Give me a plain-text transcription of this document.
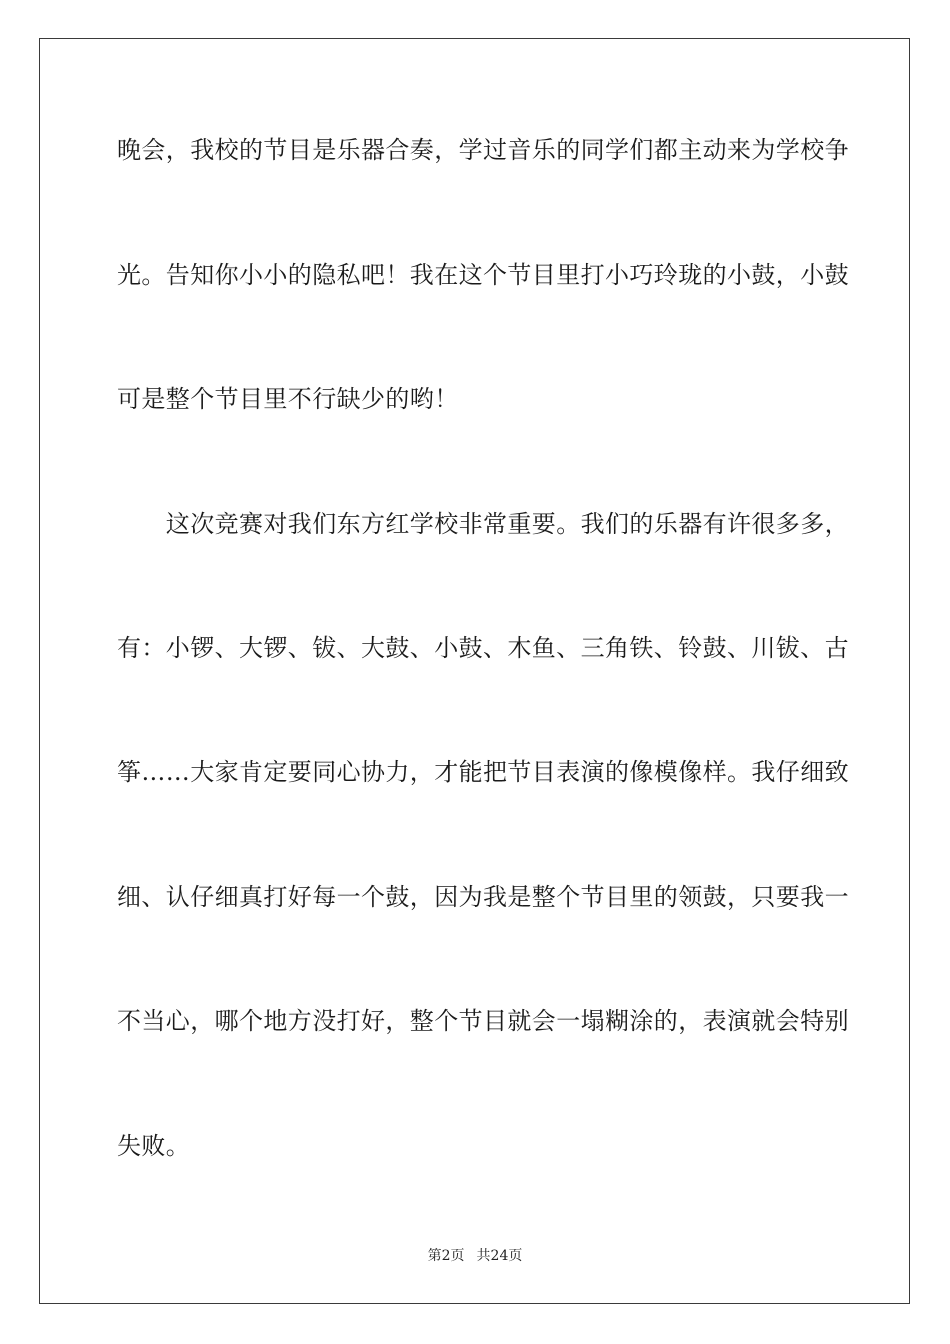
晚会，我校的节目是乐器合奏，学过音乐的同学们都主动来为学校争
光。告知你小小的隐私吧！我在这个节目里打小巧玲珑的小鼓，小鼓
可是整个节目里不行缺少的哟！
　　这次竞赛对我们东方红学校非常重要。我们的乐器有许很多多，
有：小锣、大锣、钹、大鼓、小鼓、木鱼、三角铁、铃鼓、川钹、古
筝……大家肯定要同心协力，才能把节目表演的像模像样。我仔细致
细、认仔细真打好每一个鼓，因为我是整个节目里的领鼓，只要我一
不当心，哪个地方没打好，整个节目就会一塌糊涂的，表演就会特别
失败。
第2页 共24页
